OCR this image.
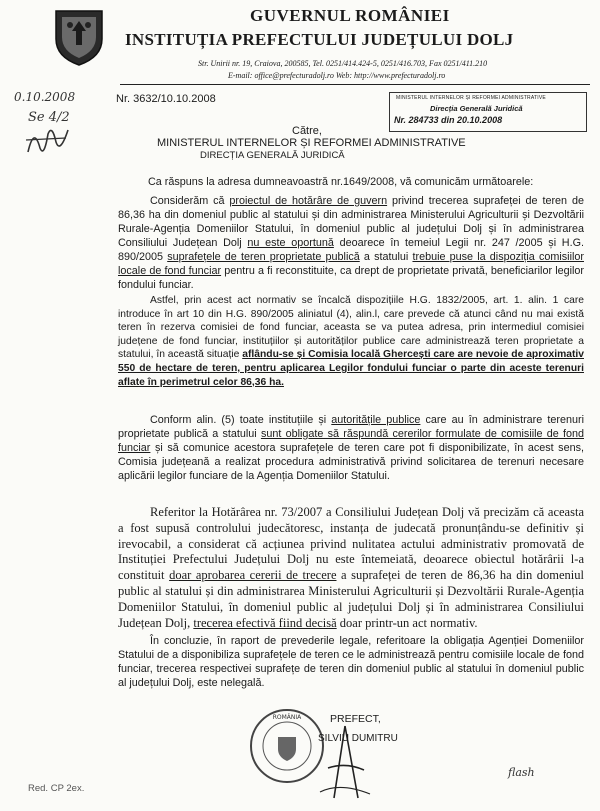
GUVERNUL ROMÂNIEI
INSTITUȚIA PREFECTULUI JUDEȚULUI DOLJ
Str. Unirii nr. 19, Craiova, 200585, Tel. 0251/414.424-5, 0251/416.703, Fax 0251/411.210
E-mail: office@prefecturadolj.ro Web: http://www.prefecturadolj.ro
0.10.2008
Se 4/2
Nr. 3632/10.10.2008	MINISTERUL INTERNELOR ȘI REFORMEI ADMINISTRATIVE
Direcția Generală Juridică
Nr. 284733 din 20.10.2008
Către,
MINISTERUL INTERNELOR ȘI REFORMEI ADMINISTRATIVE
DIRECȚIA GENERALĂ JURIDICĂ
Ca răspuns la adresa dumneavoastră nr.1649/2008, vă comunicăm următoarele:
Considerăm că proiectul de hotărâre de guvern privind trecerea suprafeței de teren de 86,36 ha din domeniul public al statului și din administrarea Ministerului Agriculturii și Dezvoltării Rurale-Agenția Domeniilor Statului, în domeniul public al județului Dolj și în administrarea Consiliului Județean Dolj nu este oportună deoarece în temeiul Legii nr. 247 /2005 și H.G. 890/2005 suprafețele de teren proprietate publică a statului trebuie puse la dispoziția comisiilor locale de fond funciar pentru a fi reconstituite, ca drept de proprietate privată, beneficiarilor legilor fondului funciar.
Astfel, prin acest act normativ se încalcă dispozițiile H.G. 1832/2005, art. 1. alin. 1 care introduce în art 10 din H.G. 890/2005 aliniatul (4), alin.l, care prevede că atunci când nu mai există teren în rezerva comisiei de fond funciar, aceasta se va putea adresa, prin intermediul comisiei județene de fond funciar, instituțiilor și autorităților publice care administrează teren proprietate a statului, în această situație aflându-se și Comisia locală Ghercești care are nevoie de aproximativ 550 de hectare de teren, pentru aplicarea Legilor fondului funciar o parte din aceste terenuri aflate în perimetrul celor 86,36 ha.
Conform alin. (5) toate instituțiile și autoritățile publice care au în administrare terenuri proprietate publică a statului sunt obligate să răspundă cererilor formulate de comisiile de fond funciar și să comunice acestora suprafețele de teren care pot fi disponibilizate, în acest sens, Comisia județeană a realizat procedura administrativă privind solicitarea de terenuri necesare aplicării legilor funciare de la Agenția Domeniilor Statului.
Referitor la Hotărârea nr. 73/2007 a Consiliului Județean Dolj vă precizăm că aceasta a fost supusă controlului judecătoresc, instanța de judecată pronunțându-se definitiv și irevocabil, a considerat că acțiunea privind nulitatea actului administrativ promovată de Instituției Prefectului Județului Dolj nu este întemeiată, deoarece obiectul hotărârii l-a constituit doar aprobarea cererii de trecere a suprafeței de teren de 86,36 ha din domeniul public al statului și din administrarea Ministerului Agriculturii și Dezvoltării Rurale-Agenția Domeniilor Statului, în domeniul public al județului Dolj și în administrarea Consiliului Județean Dolj, trecerea efectivă fiind decisă doar printr-un act normativ.
În concluzie, în raport de prevederile legale, referitoare la obligația Agenției Domeniilor Statului de a disponibiliza suprafețele de teren ce le administrează pentru comisiile locale de fond funciar, trecerea respectivei suprafețe de teren din domeniul public al statului în domeniul public al județului Dolj, este nelegală.
ROMÂNIA	PREFECT,
SILVIU DUMITRU
flash
Red. CP 2ex.
